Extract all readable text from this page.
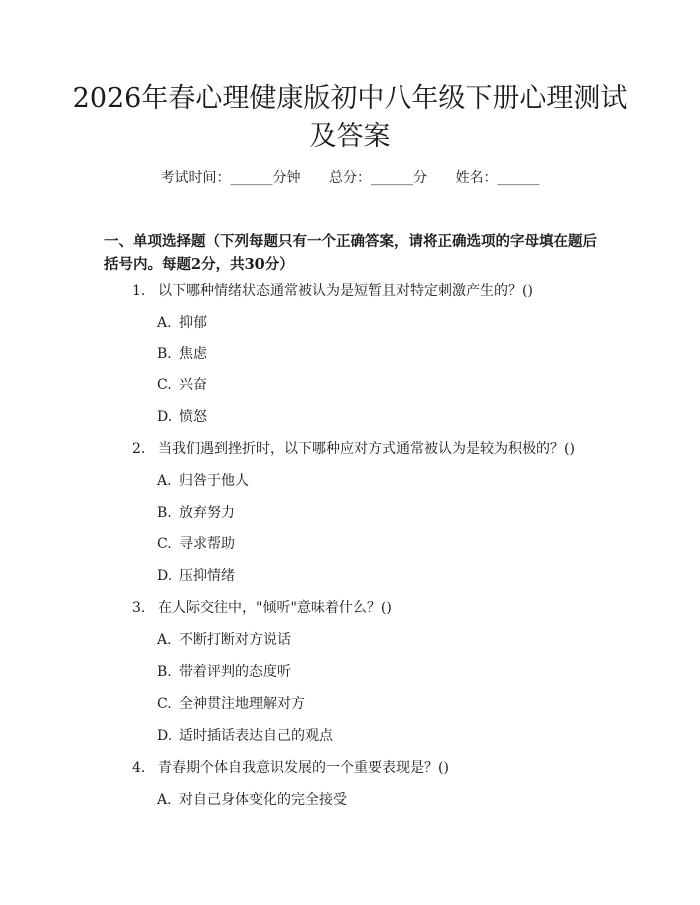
2026年春心理健康版初中八年级下册心理测试及答案
考试时间：______分钟 总分：______分 姓名：______

一、单项选择题（下列每题只有一个正确答案，请将正确选项的字母填在题后括号内。每题2分，共30分）

1. 以下哪种情绪状态通常被认为是短暂且对特定刺激产生的？()
A. 抑郁
B. 焦虑
C. 兴奋
D. 愤怒
2. 当我们遇到挫折时，以下哪种应对方式通常被认为是较为积极的？()
A. 归咎于他人
B. 放弃努力
C. 寻求帮助
D. 压抑情绪
3. 在人际交往中，"倾听"意味着什么？()
A. 不断打断对方说话
B. 带着评判的态度听
C. 全神贯注地理解对方
D. 适时插话表达自己的观点
4. 青春期个体自我意识发展的一个重要表现是？()
A. 对自己身体变化的完全接受
